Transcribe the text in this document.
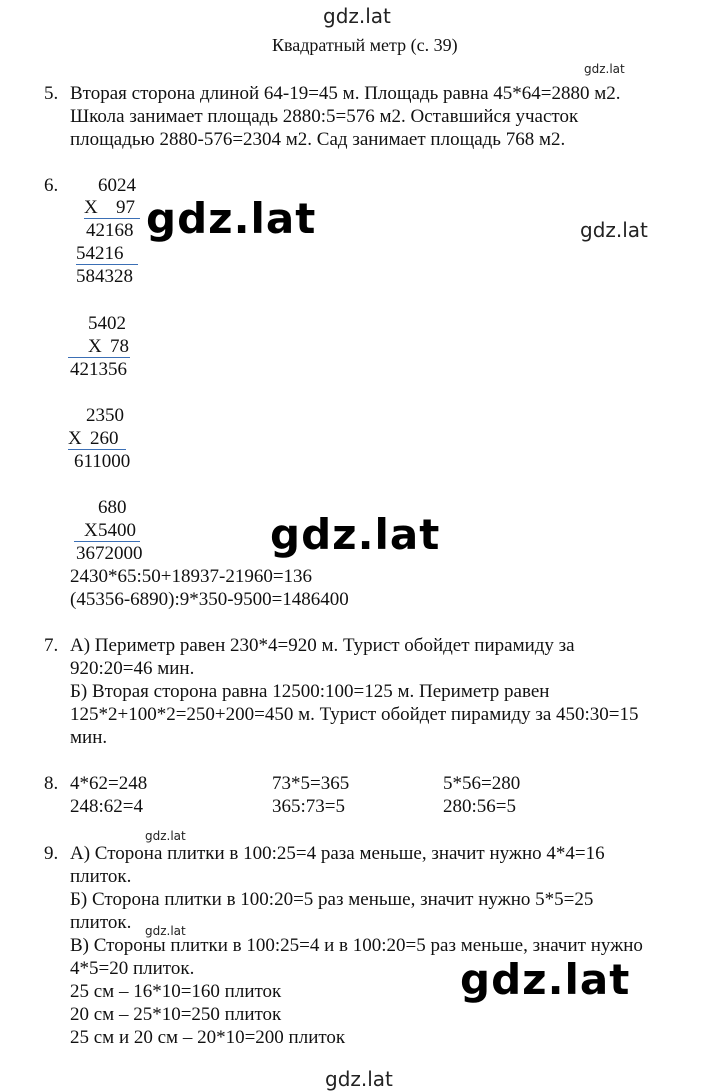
gdz.lat
gdz.lat
gdz.lat	gdz.lat
gdz.lat
gdz.lat
gdz.lat
gdz.lat
gdz.lat
Квадратный метр (с. 39)
5. Вторая сторона длиной 64-19=45 м. Площадь равна 45*64=2880 м2.
Школа занимает площадь 2880:5=576 м2. Оставшийся участок
площадью 2880-576=2304 м2. Сад занимает площадь 768 м2.
6. 6024
Х 97
42168
54216
584328
5402
Х 78
421356
2350
Х 260
611000
680
Х 5400
3672000
2430*65:50+18937-21960=136
(45356-6890):9*350-9500=1486400
7. А) Периметр равен 230*4=920 м. Турист обойдет пирамиду за
920:20=46 мин.
Б) Вторая сторона равна 12500:100=125 м. Периметр равен
125*2+100*2=250+200=450 м. Турист обойдет пирамиду за 450:30=15
мин.
8. 4*62=248
248:62=4
73*5=365
365:73=5
5*56=280
280:56=5
9. А) Сторона плитки в 100:25=4 раза меньше, значит нужно 4*4=16
плиток.
Б) Сторона плитки в 100:20=5 раз меньше, значит нужно 5*5=25
плиток.
В) Стороны плитки в 100:25=4 и в 100:20=5 раз меньше, значит нужно
4*5=20 плиток.
25 см – 16*10=160 плиток
20 см – 25*10=250 плиток
25 см и 20 см – 20*10=200 плиток
